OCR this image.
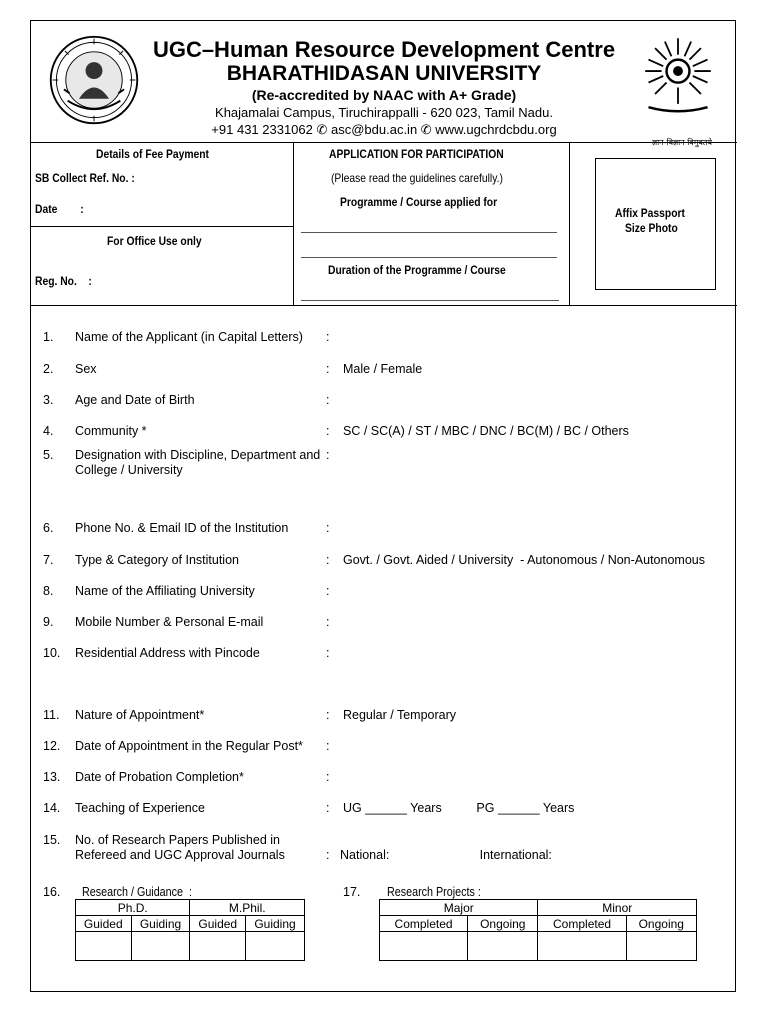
ज्ञान-विज्ञान विमुक्तये
UGC–Human Resource Development Centre
BHARATHIDASAN UNIVERSITY
(Re-accredited by NAAC with A+ Grade)
Khajamalai Campus, Tiruchirappalli - 620 023, Tamil Nadu.
+91 431 2331062 ✆ asc@bdu.ac.in ✆ www.ugchrdcbdu.org
Details of Fee Payment
SB Collect Ref. No. :
Date        :
For Office Use only
Reg. No.    :
APPLICATION FOR PARTICIPATION
(Please read the guidelines carefully.)
Programme / Course applied for
Duration of the Programme / Course
Affix Passport
Size Photo
1. Name of the Applicant (in Capital Letters)	:
2. Sex	: Male / Female
3. Age and Date of Birth	:
4. Community *	: SC / SC(A) / ST / MBC / DNC / BC(M) / BC / Others
5. Designation with Discipline, Department and College / University
:
6. Phone No. & Email ID of the Institution	:
7. Type & Category of Institution	: Govt. / Govt. Aided / University  - Autonomous / Non-Autonomous
8. Name of the Affiliating University	:
9. Mobile Number & Personal E-mail	:
10. Residential Address with Pincode	:
11. Nature of Appointment*	: Regular / Temporary
12. Date of Appointment in the Regular Post*	:
13. Date of Probation Completion*	:
14. Teaching of Experience	: UG ______ Years          PG ______ Years
15. No. of Research Papers Published in Refereed and UGC Approval Journals	: National:                          International:
16. Research / Guidance  :
Ph.D.		M.Phil.	
Guided	Guiding	Guided	Guiding

17. Research Projects :
Major		Minor	
Completed	Ongoing	Completed	Ongoing
